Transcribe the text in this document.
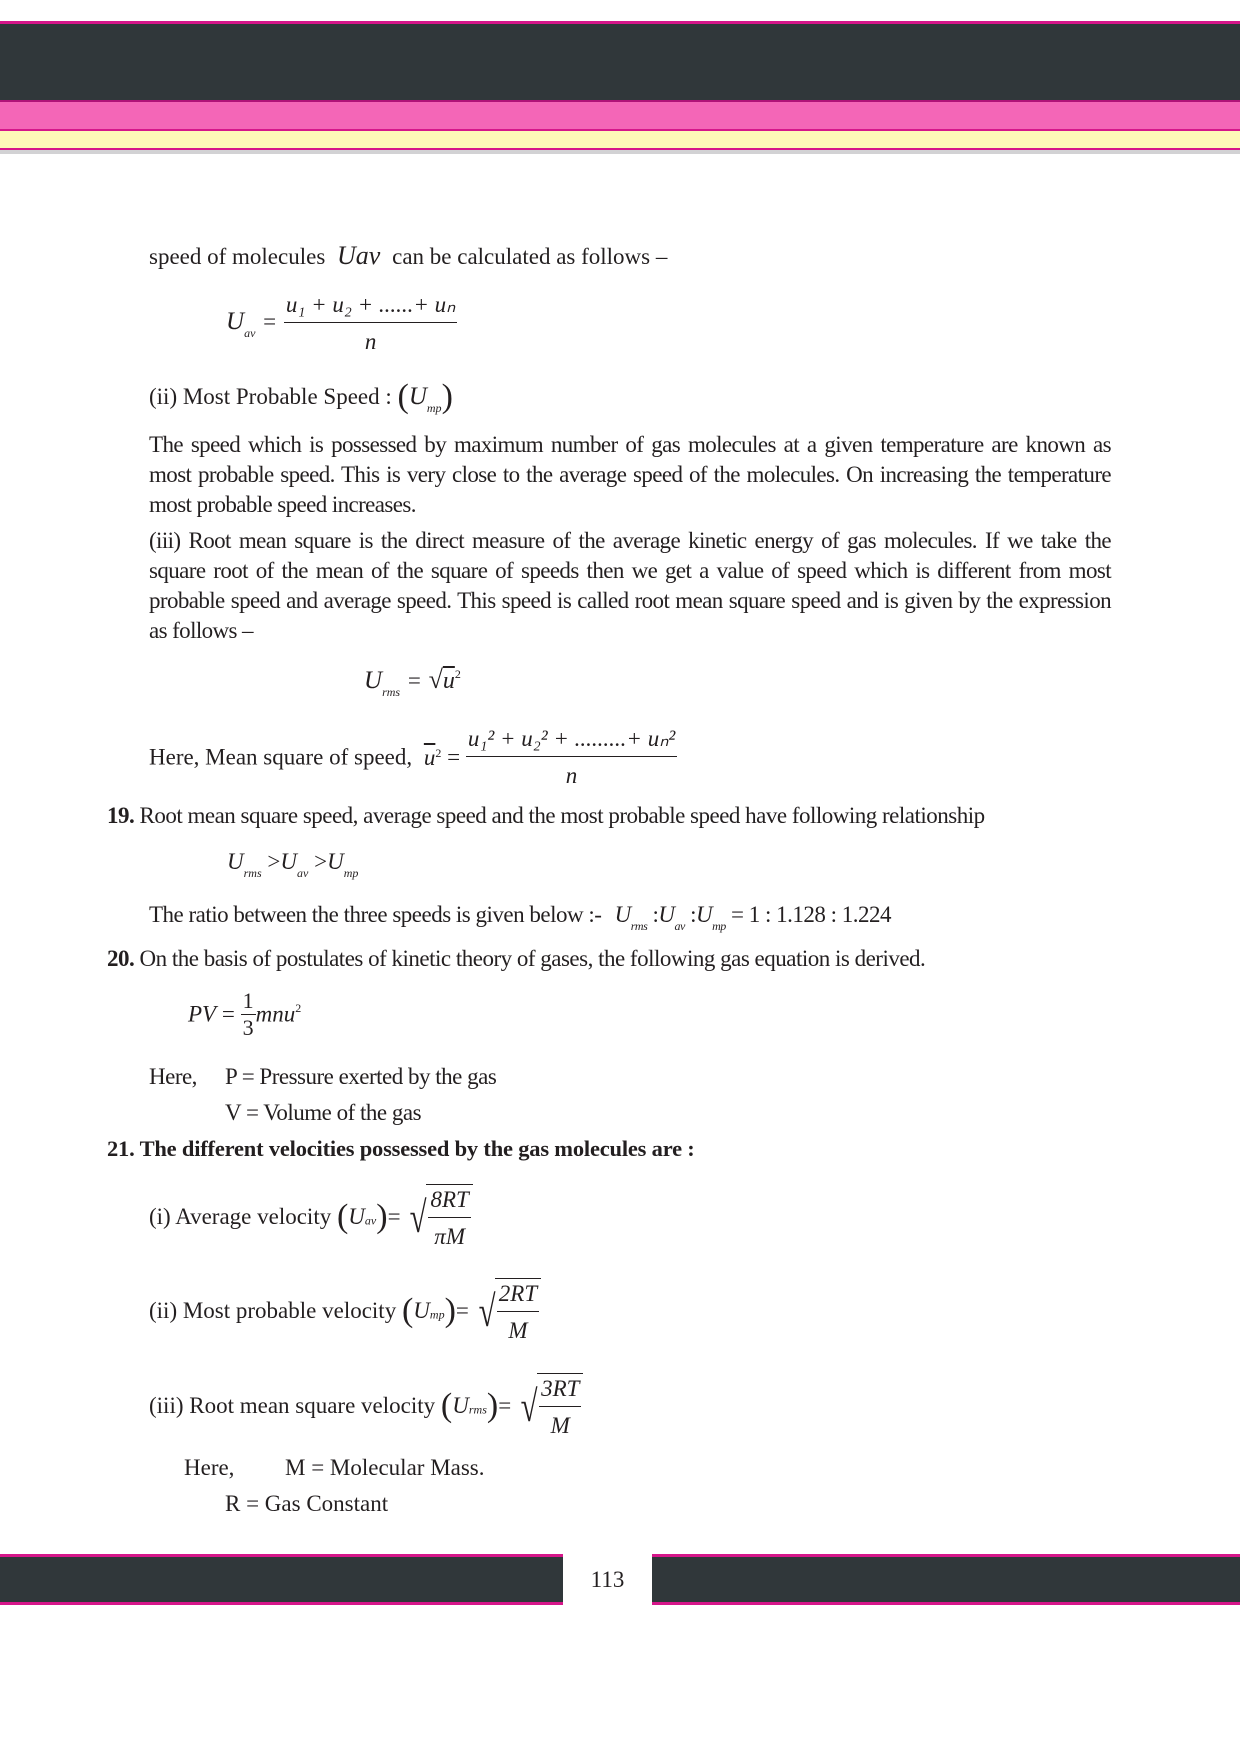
speed of molecules Uav can be calculated as follows –
$U_{av} = \frac{\text{u₁ + u₂ + ......+ uₙ}}{n}$
(ii) Most Probable Speed : $(U_{mp})$
The speed which is possessed by maximum number of gas molecules at a given temperature are known as most probable speed. This is very close to the average speed of the molecules. On increasing the temperature most probable speed increases.
(iii) Root mean square is the direct measure of the average kinetic energy of gas molecules. If we take the square root of the mean of the square of speeds then we get a value of speed which is different from most probable speed and average speed. This speed is called root mean square speed and is given by the expression as follows –
$U_{rms} = √u^2$
Here, Mean square of speed, $\overline{u}^2 = \frac{\text{u₁² + u₂² + .........+ uₙ²}}{n}$
19. Root mean square speed, average speed and the most probable speed have following relationship
$U_{rms} >U_{av} >U_{mp}$
The ratio between the three speeds is given below :- $U_{rms}$ $:U_{av}$ $:U_{mp} = 1$ : 1.128 : 1.224
20. On the basis of postulates of kinetic theory of gases, the following gas equation is derived.
PV = $\frac{1}{3} mnu^2$
Here, P = Pressure exerted by the gas
V = Volume of the gas
21. The different velocities possessed by the gas molecules are :
(i) Average velocity (Uav)= √ $\frac{8RT}{\pi M}$
(ii) Most probable velocity (Ump)= √ $\frac{2RT}{M}$
(iii) Root mean square velocity (Urms)= √ $\frac{3RT}{M}$
Here, M = Molecular Mass.
R = Gas Constant
113
